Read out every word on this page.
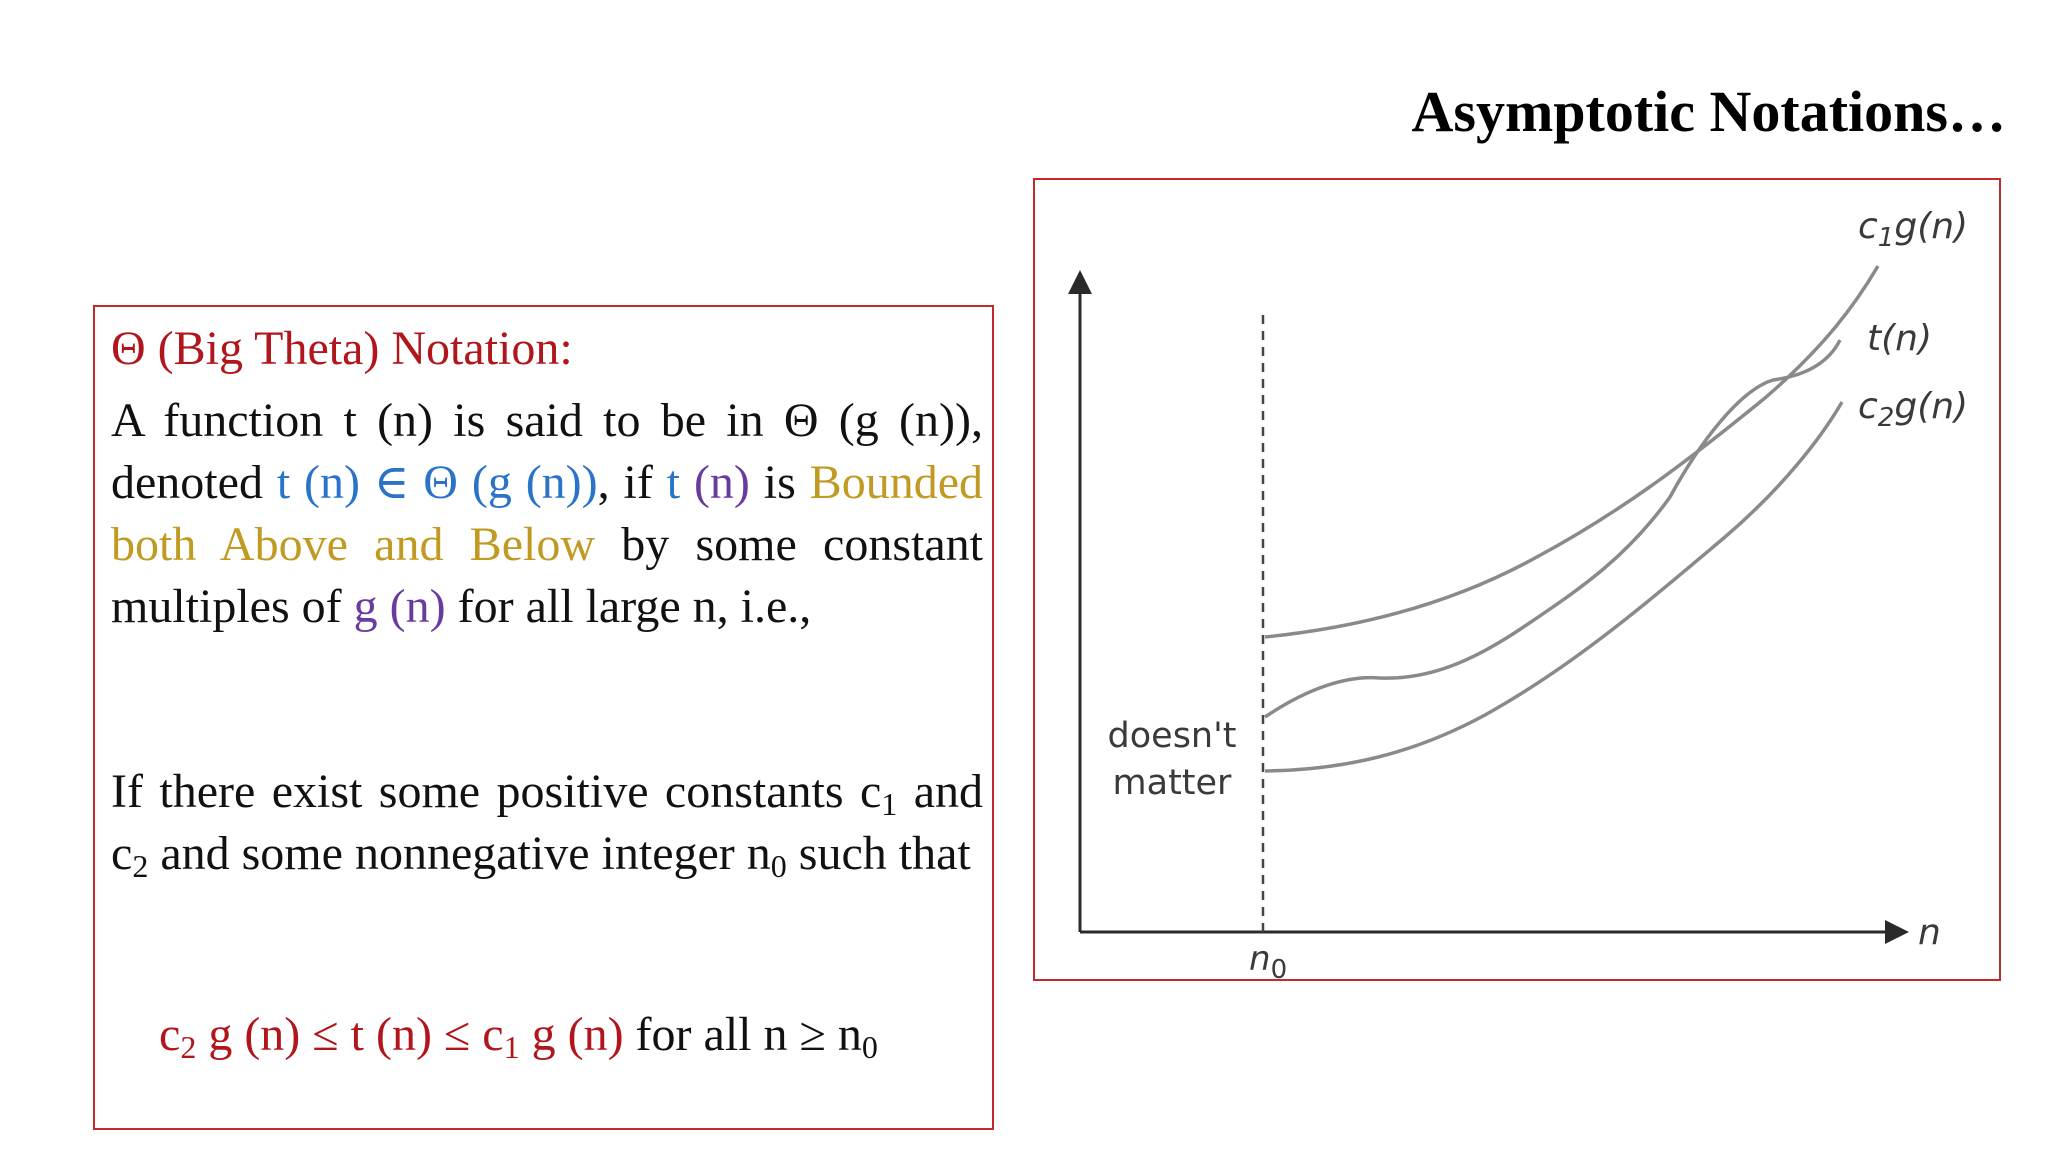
Asymptotic Notations…
Θ (Big Theta) Notation:

A function t (n) is said to be in Θ (g (n)), denoted t (n) ∈ Θ (g (n)), if t (n) is Bounded both Above and Below by some constant multiples of g (n) for all large n, i.e.,

If there exist some positive constants $c_1$ and $c_2$ and some nonnegative integer $n_0$ such that

$c_2$ g (n) ≤ t $(n) \le c_1$ g (n) for all $n \ge n_0$
$c_1g(n)$
t(n)
$c_2g(n)$
doesn't
matter
n
$n_0$
